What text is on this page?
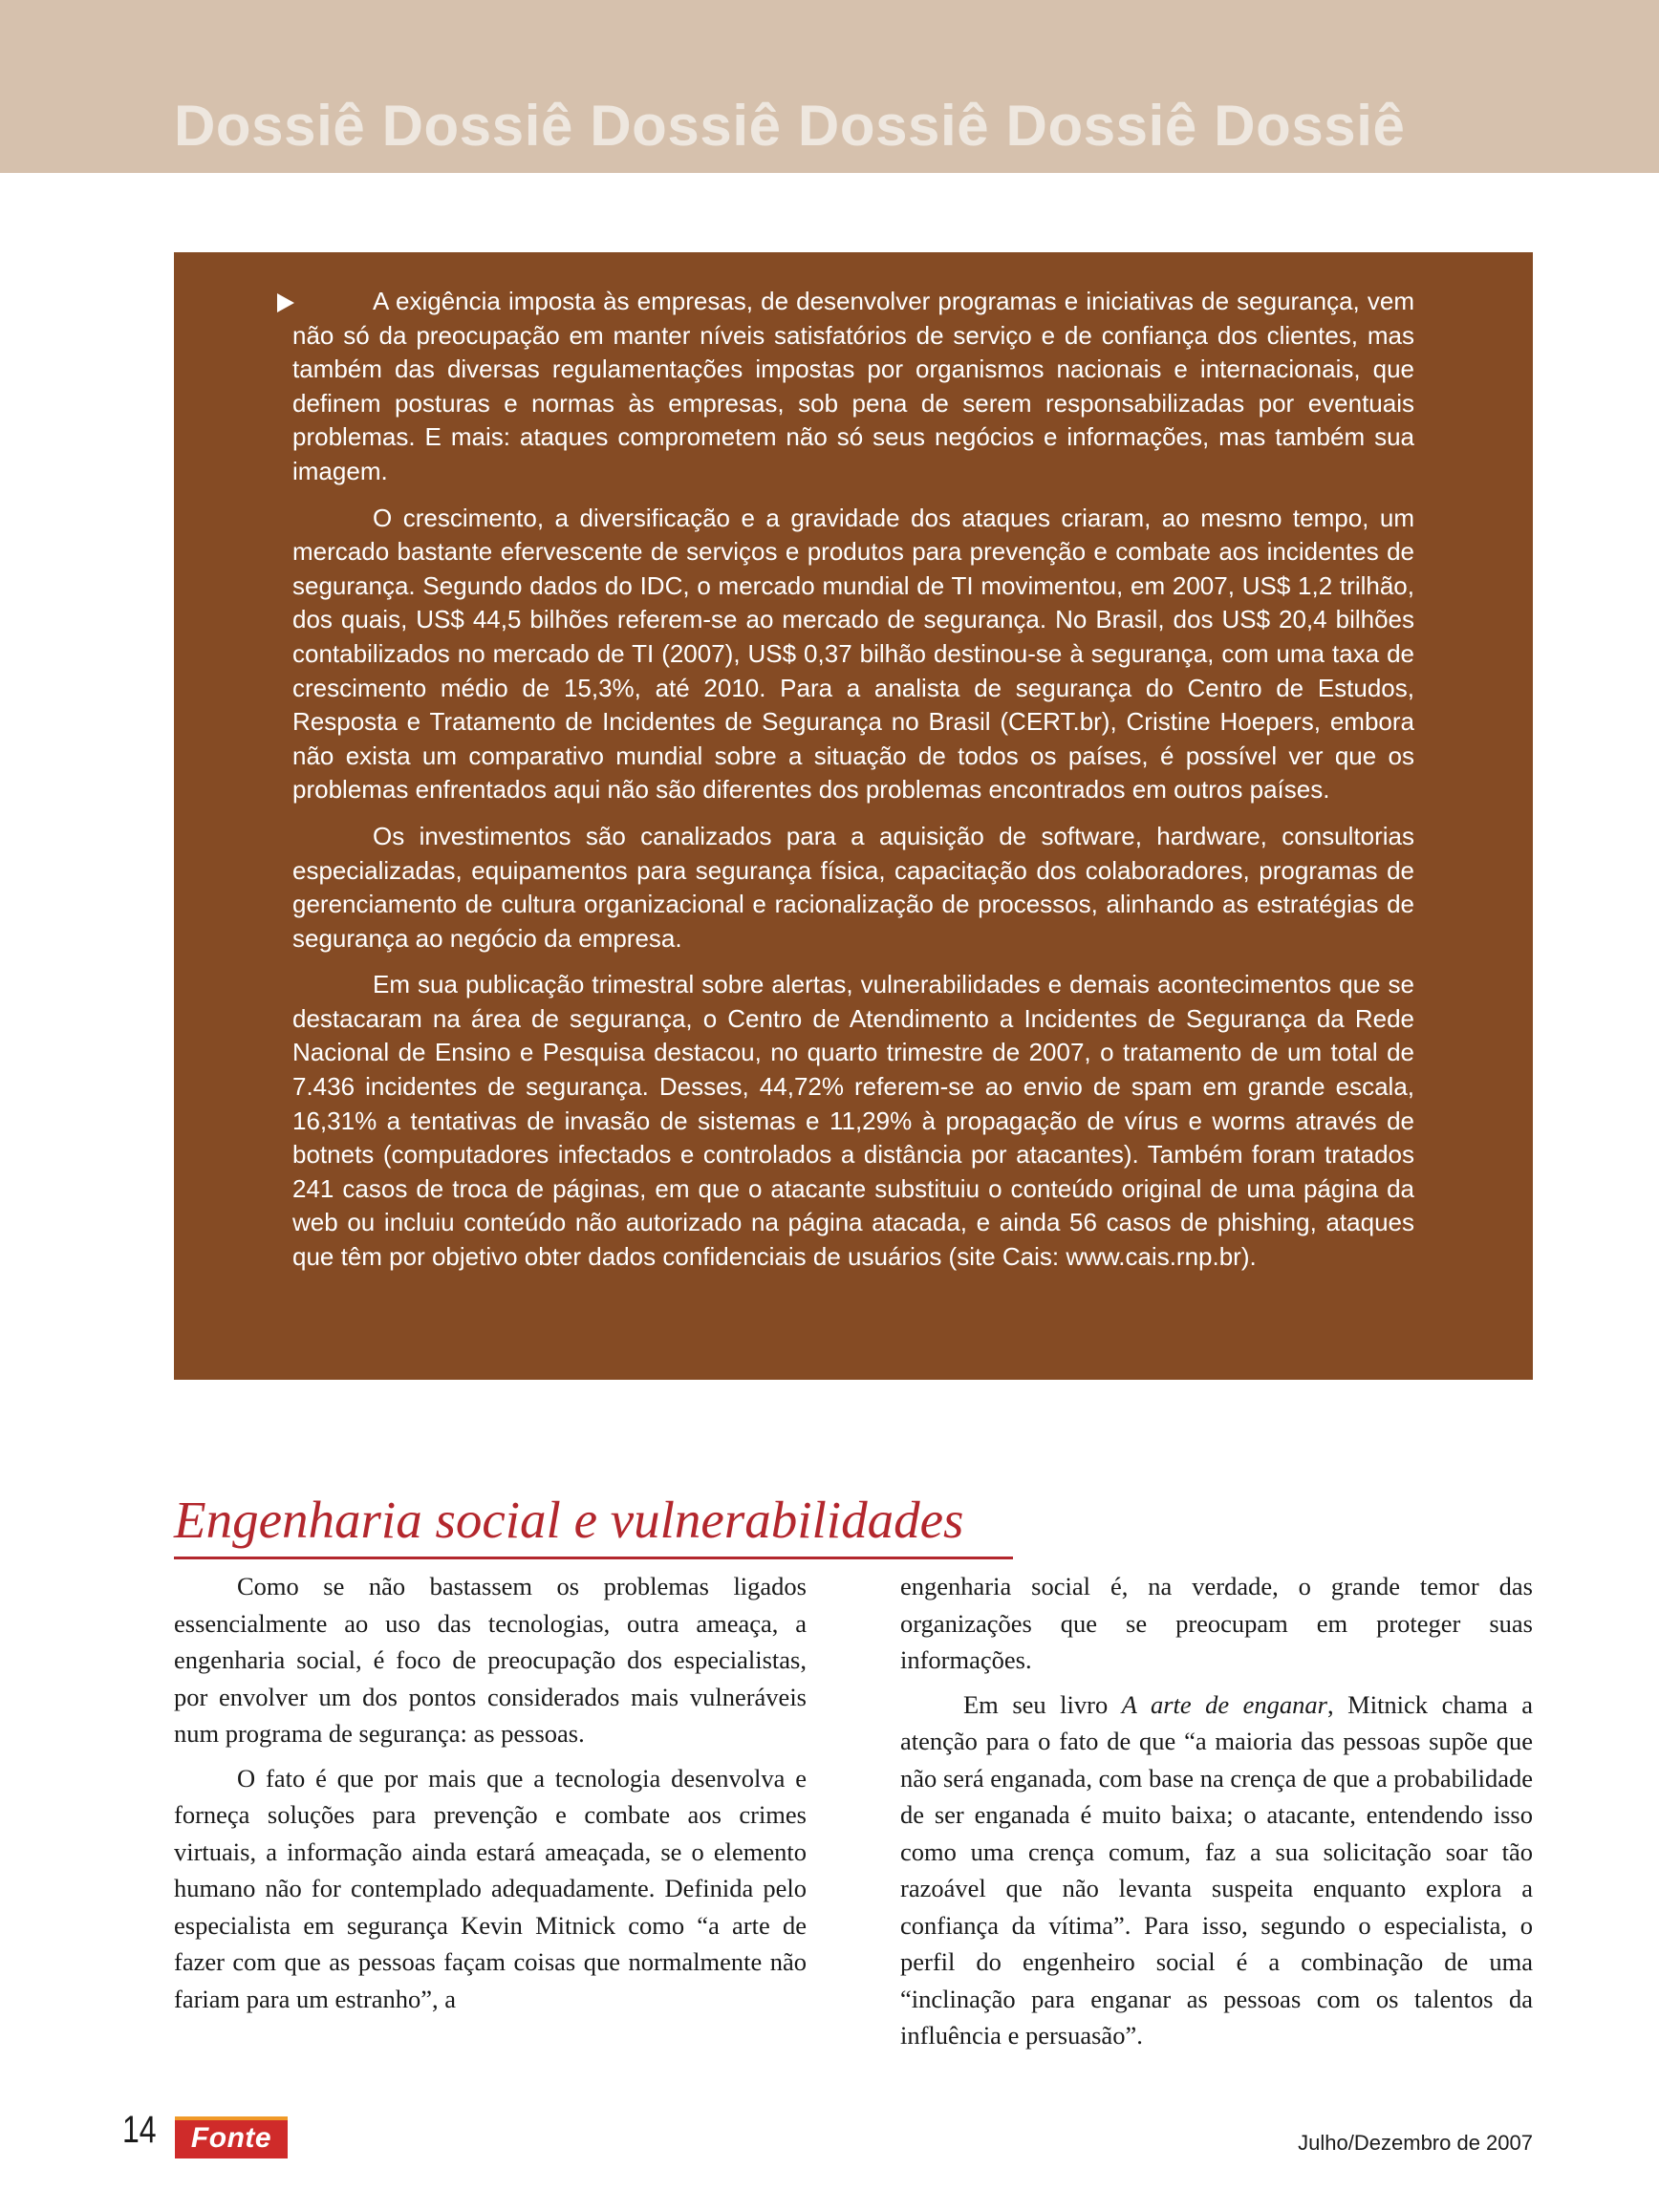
Dossiê Dossiê Dossiê Dossiê Dossiê Dossiê

A exigência imposta às empresas, de desenvolver programas e iniciativas de segurança, vem não só da preocupação em manter níveis satisfatórios de serviço e de confiança dos clientes, mas também das diversas regulamentações impostas por organismos nacionais e internacionais, que definem posturas e normas às empresas, sob pena de serem responsabilizadas por eventuais problemas. E mais: ataques comprometem não só seus negócios e informações, mas também sua imagem.

O crescimento, a diversificação e a gravidade dos ataques criaram, ao mesmo tempo, um mercado bastante efervescente de serviços e produtos para prevenção e combate aos incidentes de segurança. Segundo dados do IDC, o mercado mundial de TI movimentou, em 2007, US$ 1,2 trilhão, dos quais, US$ 44,5 bilhões referem-se ao mercado de segurança. No Brasil, dos US$ 20,4 bilhões contabilizados no mercado de TI (2007), US$ 0,37 bilhão destinou-se à segurança, com uma taxa de crescimento médio de 15,3%, até 2010. Para a analista de segurança do Centro de Estudos, Resposta e Tratamento de Incidentes de Segurança no Brasil (CERT.br), Cristine Hoepers, embora não exista um comparativo mundial sobre a situação de todos os países, é possível ver que os problemas enfrentados aqui não são diferentes dos problemas encontrados em outros países.

Os investimentos são canalizados para a aquisição de software, hardware, consultorias especializadas, equipamentos para segurança física, capacitação dos colaboradores, programas de gerenciamento de cultura organizacional e racionalização de processos, alinhando as estratégias de segurança ao negócio da empresa.

Em sua publicação trimestral sobre alertas, vulnerabilidades e demais acontecimentos que se destacaram na área de segurança, o Centro de Atendimento a Incidentes de Segurança da Rede Nacional de Ensino e Pesquisa destacou, no quarto trimestre de 2007, o tratamento de um total de 7.436 incidentes de segurança. Desses, 44,72% referem-se ao envio de spam em grande escala, 16,31% a tentativas de invasão de sistemas e 11,29% à propagação de vírus e worms através de botnets (computadores infectados e controlados a distância por atacantes). Também foram tratados 241 casos de troca de páginas, em que o atacante substituiu o conteúdo original de uma página da web ou incluiu conteúdo não autorizado na página atacada, e ainda 56 casos de phishing, ataques que têm por objetivo obter dados confidenciais de usuários (site Cais: www.cais.rnp.br).

Engenharia social e vulnerabilidades

Como se não bastassem os problemas ligados essencialmente ao uso das tecnologias, outra ameaça, a engenharia social, é foco de preocupação dos especialistas, por envolver um dos pontos considerados mais vulneráveis num programa de segurança: as pessoas.

O fato é que por mais que a tecnologia desenvolva e forneça soluções para prevenção e combate aos crimes virtuais, a informação ainda estará ameaçada, se o elemento humano não for contemplado adequadamente. Definida pelo especialista em segurança Kevin Mitnick como “a arte de fazer com que as pessoas façam coisas que normalmente não fariam para um estranho”, a

engenharia social é, na verdade, o grande temor das organizações que se preocupam em proteger suas informações.

Em seu livro A arte de enganar, Mitnick chama a atenção para o fato de que “a maioria das pessoas supõe que não será enganada, com base na crença de que a probabilidade de ser enganada é muito baixa; o atacante, entendendo isso como uma crença comum, faz a sua solicitação soar tão razoável que não levanta suspeita enquanto explora a confiança da vítima”. Para isso, segundo o especialista, o perfil do engenheiro social é a combinação de uma “inclinação para enganar as pessoas com os talentos da influência e persuasão”.

14	Fonte	Julho/Dezembro de 2007
